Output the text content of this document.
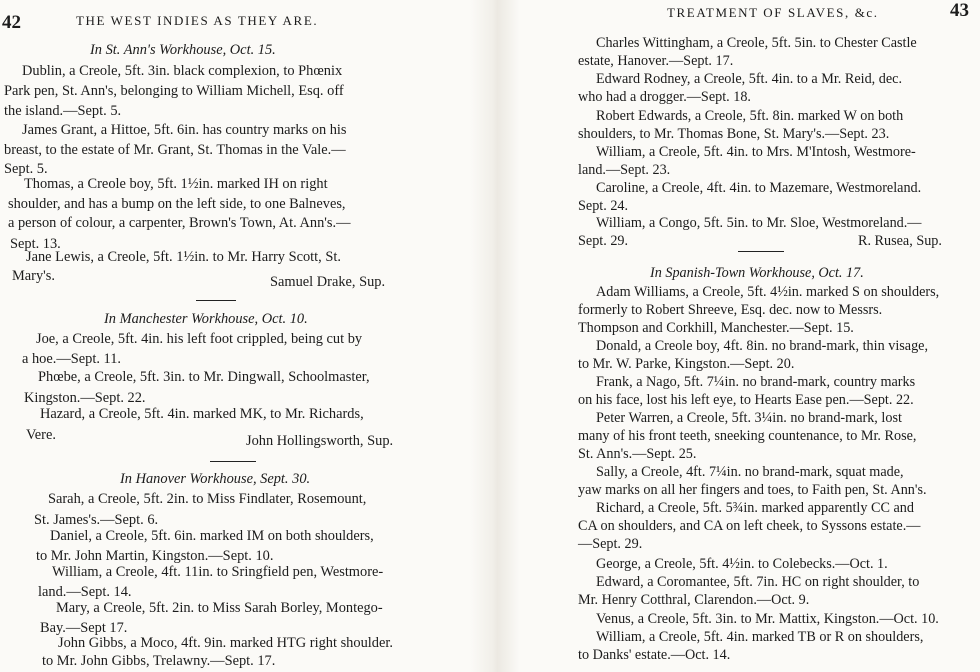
42	THE WEST INDIES AS THEY ARE.
In St. Ann's Workhouse, Oct. 15.
Dublin, a Creole, 5ft. 3in. black complexion, to Phœnix
Park pen, St. Ann's, belonging to William Michell, Esq. off
the island.—Sept. 5.
James Grant, a Hittoe, 5ft. 6in. has country marks on his
breast, to the estate of Mr. Grant, St. Thomas in the Vale.—
Sept. 5.
Thomas, a Creole boy, 5ft. 1½in. marked IH on right
shoulder, and has a bump on the left side, to one Balneves,
a person of colour, a carpenter, Brown's Town, At. Ann's.—
Sept. 13.
Jane Lewis, a Creole, 5ft. 1½in. to Mr. Harry Scott, St.
Mary's.	Samuel Drake, Sup.
In Manchester Workhouse, Oct. 10.
Joe, a Creole, 5ft. 4in. his left foot crippled, being cut by
a hoe.—Sept. 11.
Phœbe, a Creole, 5ft. 3in. to Mr. Dingwall, Schoolmaster,
Kingston.—Sept. 22.
Hazard, a Creole, 5ft. 4in. marked MK, to Mr. Richards,
Vere.	John Hollingsworth, Sup.
In Hanover Workhouse, Sept. 30.
Sarah, a Creole, 5ft. 2in. to Miss Findlater, Rosemount,
St. James's.—Sept. 6.
Daniel, a Creole, 5ft. 6in. marked IM on both shoulders,
to Mr. John Martin, Kingston.—Sept. 10.
William, a Creole, 4ft. 11in. to Sringfield pen, Westmore-
land.—Sept. 14.
Mary, a Creole, 5ft. 2in. to Miss Sarah Borley, Montego-
Bay.—Sept 17.
John Gibbs, a Moco, 4ft. 9in. marked HTG right shoulder.
to Mr. John Gibbs, Trelawny.—Sept. 17.
TREATMENT OF SLAVES, &c.	43
Charles Wittingham, a Creole, 5ft. 5in. to Chester Castle
estate, Hanover.—Sept. 17.
Edward Rodney, a Creole, 5ft. 4in. to a Mr. Reid, dec.
who had a drogger.—Sept. 18.
Robert Edwards, a Creole, 5ft. 8in. marked W on both
shoulders, to Mr. Thomas Bone, St. Mary's.—Sept. 23.
William, a Creole, 5ft. 4in. to Mrs. M'Intosh, Westmore-
land.—Sept. 23.
Caroline, a Creole, 4ft. 4in. to Mazemare, Westmoreland.
Sept. 24.
William, a Congo, 5ft. 5in. to Mr. Sloe, Westmoreland.—
Sept. 29.	R. Rusea, Sup.
In Spanish-Town Workhouse, Oct. 17.
Adam Williams, a Creole, 5ft. 4½in. marked S on shoulders,
formerly to Robert Shreeve, Esq. dec. now to Messrs.
Thompson and Corkhill, Manchester.—Sept. 15.
Donald, a Creole boy, 4ft. 8in. no brand-mark, thin visage,
to Mr. W. Parke, Kingston.—Sept. 20.
Frank, a Nago, 5ft. 7¼in. no brand-mark, country marks
on his face, lost his left eye, to Hearts Ease pen.—Sept. 22.
Peter Warren, a Creole, 5ft. 3¼in. no brand-mark, lost
many of his front teeth, sneeking countenance, to Mr. Rose,
St. Ann's.—Sept. 25.
Sally, a Creole, 4ft. 7¼in. no brand-mark, squat made,
yaw marks on all her fingers and toes, to Faith pen, St. Ann's.
Richard, a Creole, 5ft. 5¾in. marked apparently CC and
CA on shoulders, and CA on left cheek, to Syssons estate.—
—Sept. 29.
George, a Creole, 5ft. 4½in. to Colebecks.—Oct. 1.
Edward, a Coromantee, 5ft. 7in. HC on right shoulder, to
Mr. Henry Cotthral, Clarendon.—Oct. 9.
Venus, a Creole, 5ft. 3in. to Mr. Mattix, Kingston.—Oct. 10.
William, a Creole, 5ft. 4in. marked TB or R on shoulders,
to Danks' estate.—Oct. 14.
